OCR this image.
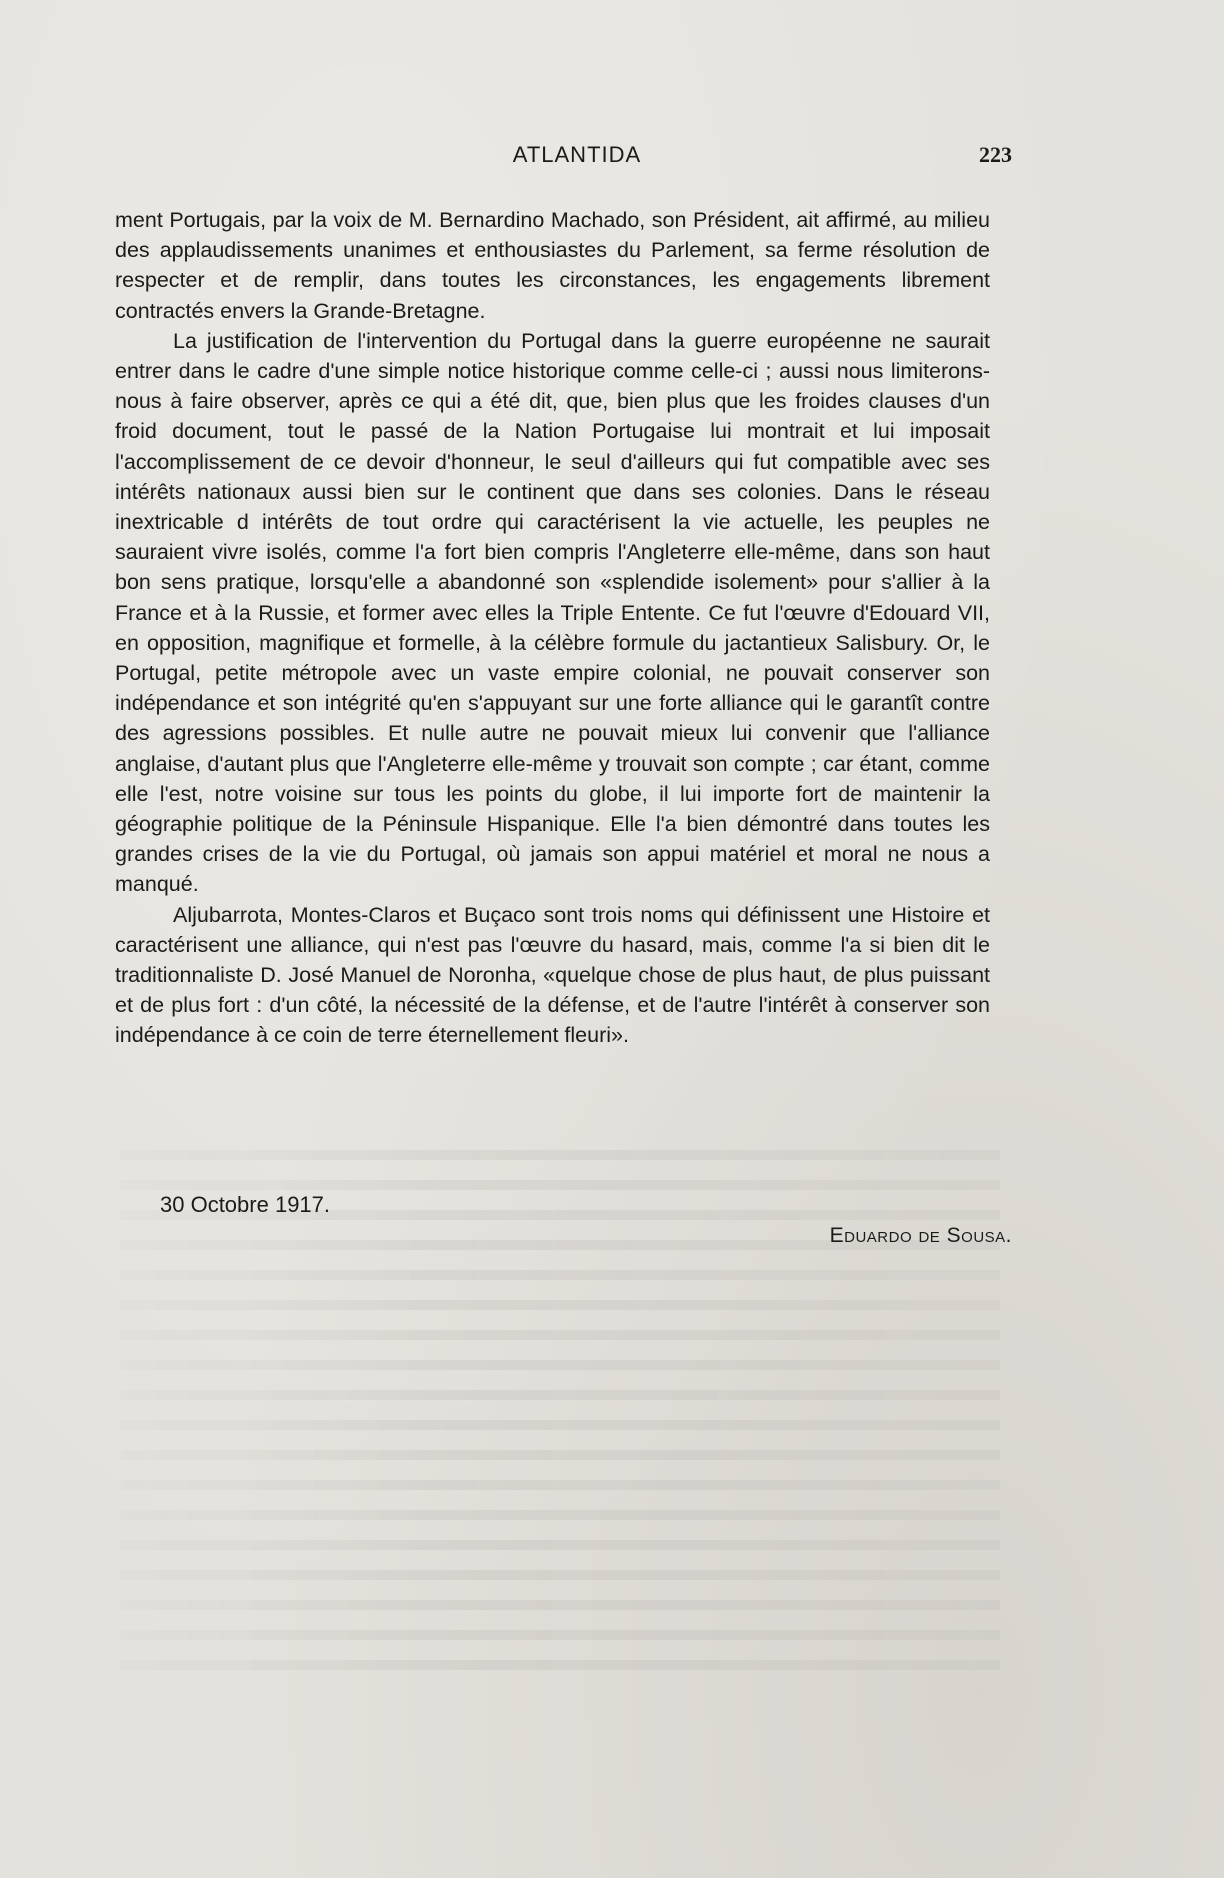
ATLANTIDA	223

ment Portugais, par la voix de M. Bernardino Machado, son Président, ait affirmé, au milieu des applaudissements unanimes et enthousiastes du Parlement, sa ferme résolution de respecter et de remplir, dans toutes les circonstances, les engagements librement contractés envers la Grande-Bretagne.

La justification de l'intervention du Portugal dans la guerre européenne ne saurait entrer dans le cadre d'une simple notice historique comme celle-ci ; aussi nous limiterons-nous à faire observer, après ce qui a été dit, que, bien plus que les froides clauses d'un froid document, tout le passé de la Nation Portugaise lui montrait et lui imposait l'accomplissement de ce devoir d'honneur, le seul d'ailleurs qui fut compatible avec ses intérêts nationaux aussi bien sur le continent que dans ses colonies. Dans le réseau inextricable d intérêts de tout ordre qui caractérisent la vie actuelle, les peuples ne sauraient vivre isolés, comme l'a fort bien compris l'Angleterre elle-même, dans son haut bon sens pratique, lorsqu'elle a abandonné son «splendide isolement» pour s'allier à la France et à la Russie, et former avec elles la Triple Entente. Ce fut l'œuvre d'Edouard VII, en opposition, magnifique et formelle, à la célèbre formule du jactantieux Salisbury. Or, le Portugal, petite métropole avec un vaste empire colonial, ne pouvait conserver son indépendance et son intégrité qu'en s'appuyant sur une forte alliance qui le garantît contre des agressions possibles. Et nulle autre ne pouvait mieux lui convenir que l'alliance anglaise, d'autant plus que l'Angleterre elle-même y trouvait son compte ; car étant, comme elle l'est, notre voisine sur tous les points du globe, il lui importe fort de maintenir la géographie politique de la Péninsule Hispanique. Elle l'a bien démontré dans toutes les grandes crises de la vie du Portugal, où jamais son appui matériel et moral ne nous a manqué.

Aljubarrota, Montes-Claros et Buçaco sont trois noms qui définissent une Histoire et caractérisent une alliance, qui n'est pas l'œuvre du hasard, mais, comme l'a si bien dit le traditionnaliste D. José Manuel de Noronha, «quelque chose de plus haut, de plus puissant et de plus fort : d'un côté, la nécessité de la défense, et de l'autre l'intérêt à conserver son indépendance à ce coin de terre éternellement fleuri».

30 Octobre 1917.
Eduardo de Sousa.
